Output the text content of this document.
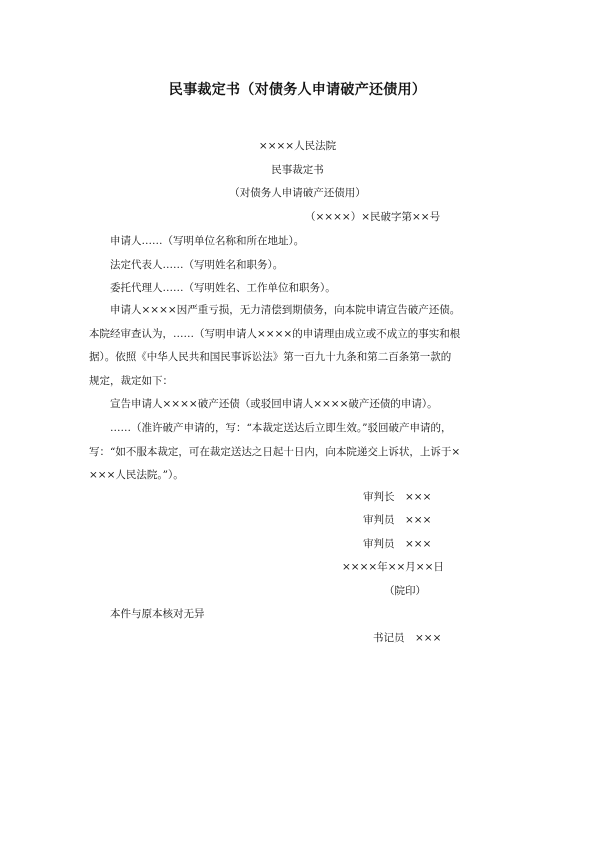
民事裁定书（对债务人申请破产还债用）
××××人民法院
民事裁定书
（对债务人申请破产还债用）
（××××）×民破字第××号
申请人……（写明单位名称和所在地址）。
法定代表人……（写明姓名和职务）。
委托代理人……（写明姓名、工作单位和职务）。
申请人××××因严重亏损，无力清偿到期债务，向本院申请宣告破产还债。本院经审查认为，……（写明申请人××××的申请理由成立或不成立的事实和根据）。依照《中华人民共和国民事诉讼法》第一百九十九条和第二百条第一款的规定，裁定如下：
宣告申请人××××破产还债（或驳回申请人××××破产还债的申请）。
……（准许破产申请的，写：“本裁定送达后立即生效。”驳回破产申请的，写：“如不服本裁定，可在裁定送达之日起十日内，向本院递交上诉状，上诉于××××人民法院。”）。
审判长　×××
审判员　×××
审判员　×××
××××年××月××日
（院印）
本件与原本核对无异
书记员　×××
